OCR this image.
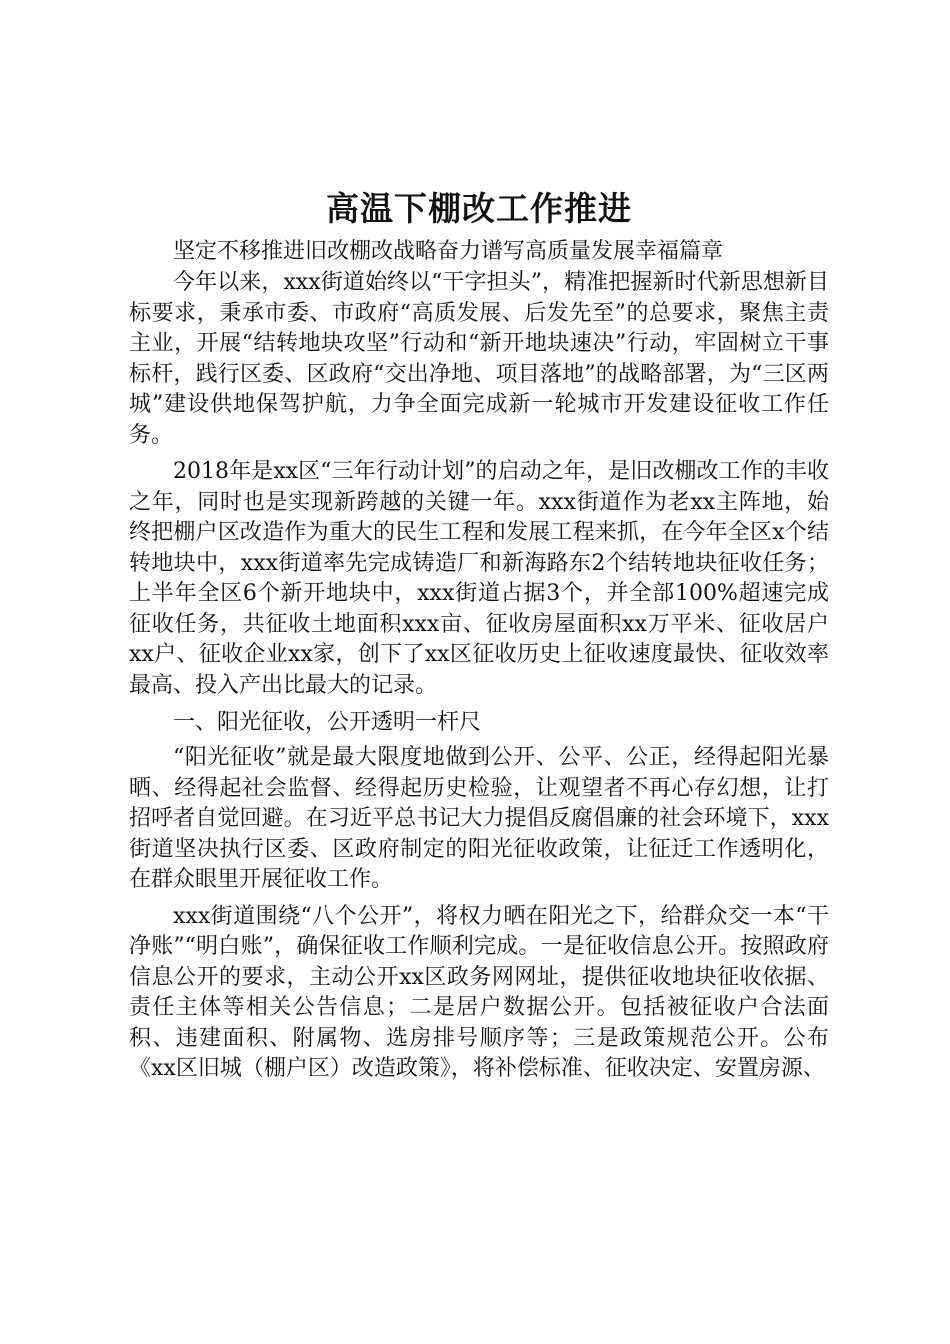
高温下棚改工作推进

坚定不移推进旧改棚改战略奋力谱写高质量发展幸福篇章

今年以来，xxx街道始终以“干字担头”，精准把握新时代新思想新目标要求，秉承市委、市政府“高质发展、后发先至”的总要求，聚焦主责主业，开展“结转地块攻坚”行动和“新开地块速决”行动，牢固树立干事标杆，践行区委、区政府“交出净地、项目落地”的战略部署，为“三区两城”建设供地保驾护航，力争全面完成新一轮城市开发建设征收工作任务。

2018年是xx区“三年行动计划”的启动之年，是旧改棚改工作的丰收之年，同时也是实现新跨越的关键一年。xxx街道作为老xx主阵地，始终把棚户区改造作为重大的民生工程和发展工程来抓，在今年全区x个结转地块中，xxx街道率先完成铸造厂和新海路东2个结转地块征收任务；上半年全区6个新开地块中，xxx街道占据3个，并全部100%超速完成征收任务，共征收土地面积xxx亩、征收房屋面积xx万平米、征收居户xx户、征收企业xx家，创下了xx区征收历史上征收速度最快、征收效率最高、投入产出比最大的记录。

一、阳光征收，公开透明一杆尺

“阳光征收”就是最大限度地做到公开、公平、公正，经得起阳光暴晒、经得起社会监督、经得起历史检验，让观望者不再心存幻想，让打招呼者自觉回避。在习近平总书记大力提倡反腐倡廉的社会环境下，xxx街道坚决执行区委、区政府制定的阳光征收政策，让征迁工作透明化，在群众眼里开展征收工作。

xxx街道围绕“八个公开”，将权力晒在阳光之下，给群众交一本“干净账”“明白账”，确保征收工作顺利完成。一是征收信息公开。按照政府信息公开的要求，主动公开xx区政务网网址，提供征收地块征收依据、责任主体等相关公告信息；二是居户数据公开。包括被征收户合法面积、违建面积、附属物、选房排号顺序等；三是政策规范公开。公布《xx区旧城（棚户区）改造政策》，将补偿标准、征收决定、安置房源、
